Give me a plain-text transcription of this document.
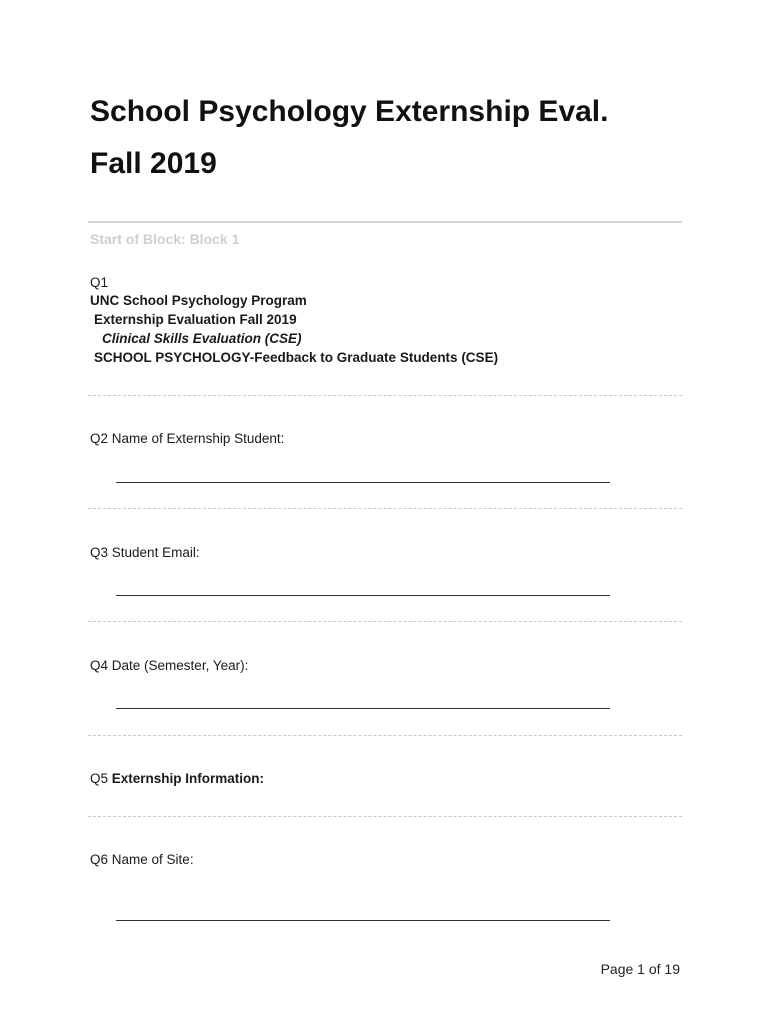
School Psychology Externship Eval.
Fall 2019
Start of Block: Block 1
Q1
UNC School Psychology Program
Externship Evaluation Fall 2019
Clinical Skills Evaluation (CSE)
SCHOOL PSYCHOLOGY-Feedback to Graduate Students (CSE)
Q2 Name of Externship Student:
Q3 Student Email:
Q4 Date (Semester, Year):
Q5 Externship Information:
Q6 Name of Site:
Page 1 of 19
